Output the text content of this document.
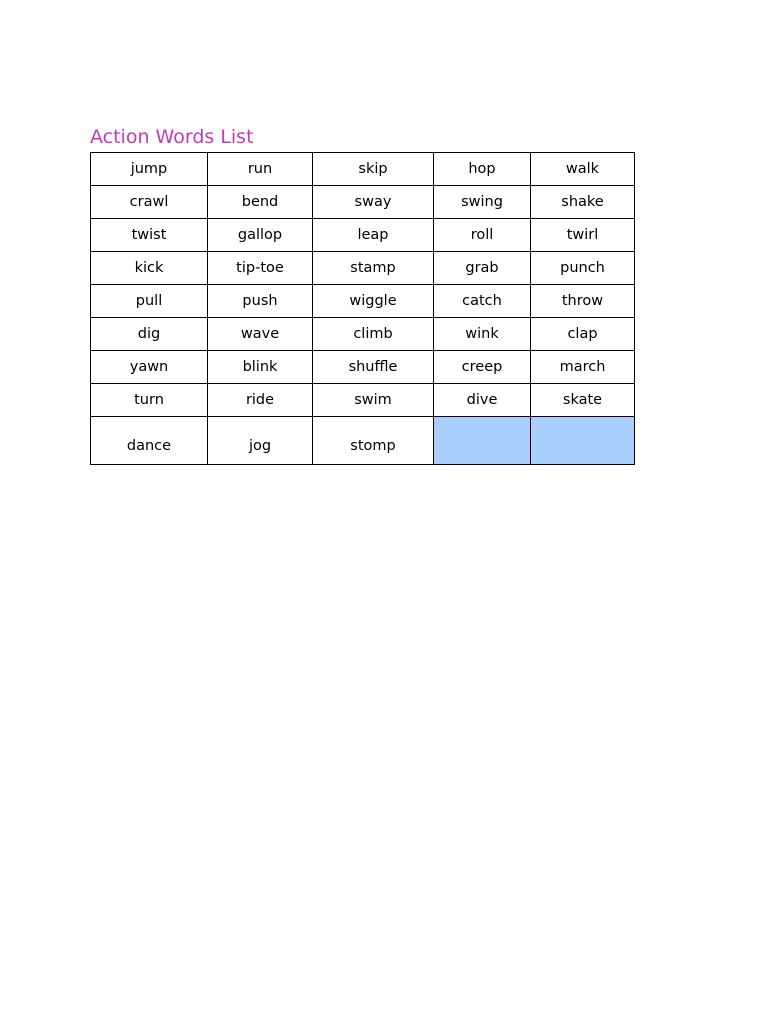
Action Words List
jump	run	skip	hop	walk
crawl	bend	sway	swing	shake
twist	gallop	leap	roll	twirl
kick	tip-toe	stamp	grab	punch
pull	push	wiggle	catch	throw
dig	wave	climb	wink	clap
yawn	blink	shuffle	creep	march
turn	ride	swim	dive	skate
dance	jog	stomp		
